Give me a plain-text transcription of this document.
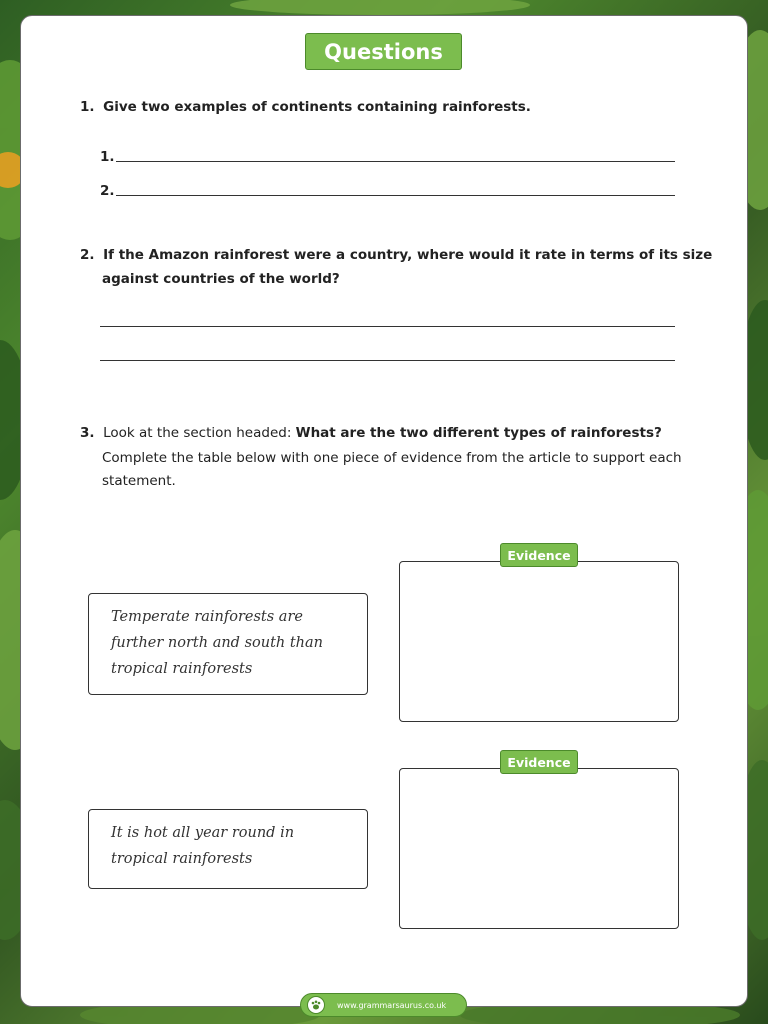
Questions
1. Give two examples of continents containing rainforests.
1.
2.
2. If the Amazon rainforest were a country, where would it rate in terms of its size
against countries of the world?
3. Look at the section headed: What are the two different types of rainforests?
Complete the table below with one piece of evidence from the article to support each
statement.
Temperate rainforests are further north and south than tropical rainforests
Evidence
It is hot all year round in tropical rainforests
Evidence
www.grammarsaurus.co.uk
